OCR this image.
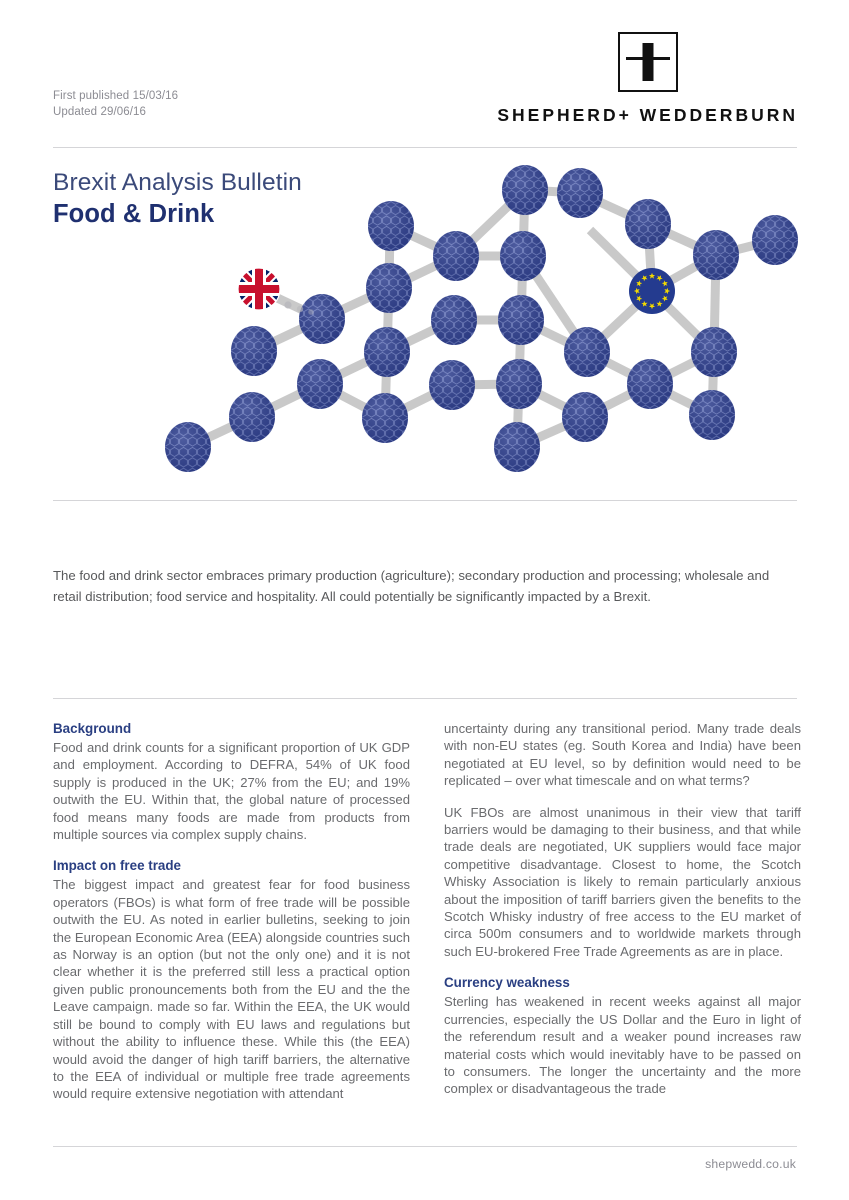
First published 15/03/16
Updated 29/06/16	SHEPHERD+ WEDDERBURN
Brexit Analysis Bulletin
Food & Drink
The food and drink sector embraces primary production (agriculture); secondary production and processing; wholesale and retail distribution; food service and hospitality. All could potentially be significantly impacted by a Brexit.
Background

Food and drink counts for a significant proportion of UK GDP and employment. According to DEFRA, 54% of UK food supply is produced in the UK; 27% from the EU; and 19% outwith the EU. Within that, the global nature of processed food means many foods are made from products from multiple sources via complex supply chains.

Impact on free trade

The biggest impact and greatest fear for food business operators (FBOs) is what form of free trade will be possible outwith the EU. As noted in earlier bulletins, seeking to join the European Economic Area (EEA) alongside countries such as Norway is an option (but not the only one) and it is not clear whether it is the preferred still less a practical option given public pronouncements both from the EU and the the Leave campaign. made so far. Within the EEA, the UK would still be bound to comply with EU laws and regulations but without the ability to influence these. While this (the EEA) would avoid the danger of high tariff barriers, the alternative to the EEA of individual or multiple free trade agreements would require extensive negotiation with attendant

uncertainty during any transitional period. Many trade deals with non-EU states (eg. South Korea and India) have been negotiated at EU level, so by definition would need to be replicated – over what timescale and on what terms?

UK FBOs are almost unanimous in their view that tariff barriers would be damaging to their business, and that while trade deals are negotiated, UK suppliers would face major competitive disadvantage. Closest to home, the Scotch Whisky Association is likely to remain particularly anxious about the imposition of tariff barriers given the benefits to the Scotch Whisky industry of free access to the EU market of circa 500m consumers and to worldwide markets through such EU-brokered Free Trade Agreements as are in place.

Currency weakness

Sterling has weakened in recent weeks against all major currencies, especially the US Dollar and the Euro in light of the referendum result and a weaker pound increases raw material costs which would inevitably have to be passed on to consumers. The longer the uncertainty and the more complex or disadvantageous the trade

shepwedd.co.uk
